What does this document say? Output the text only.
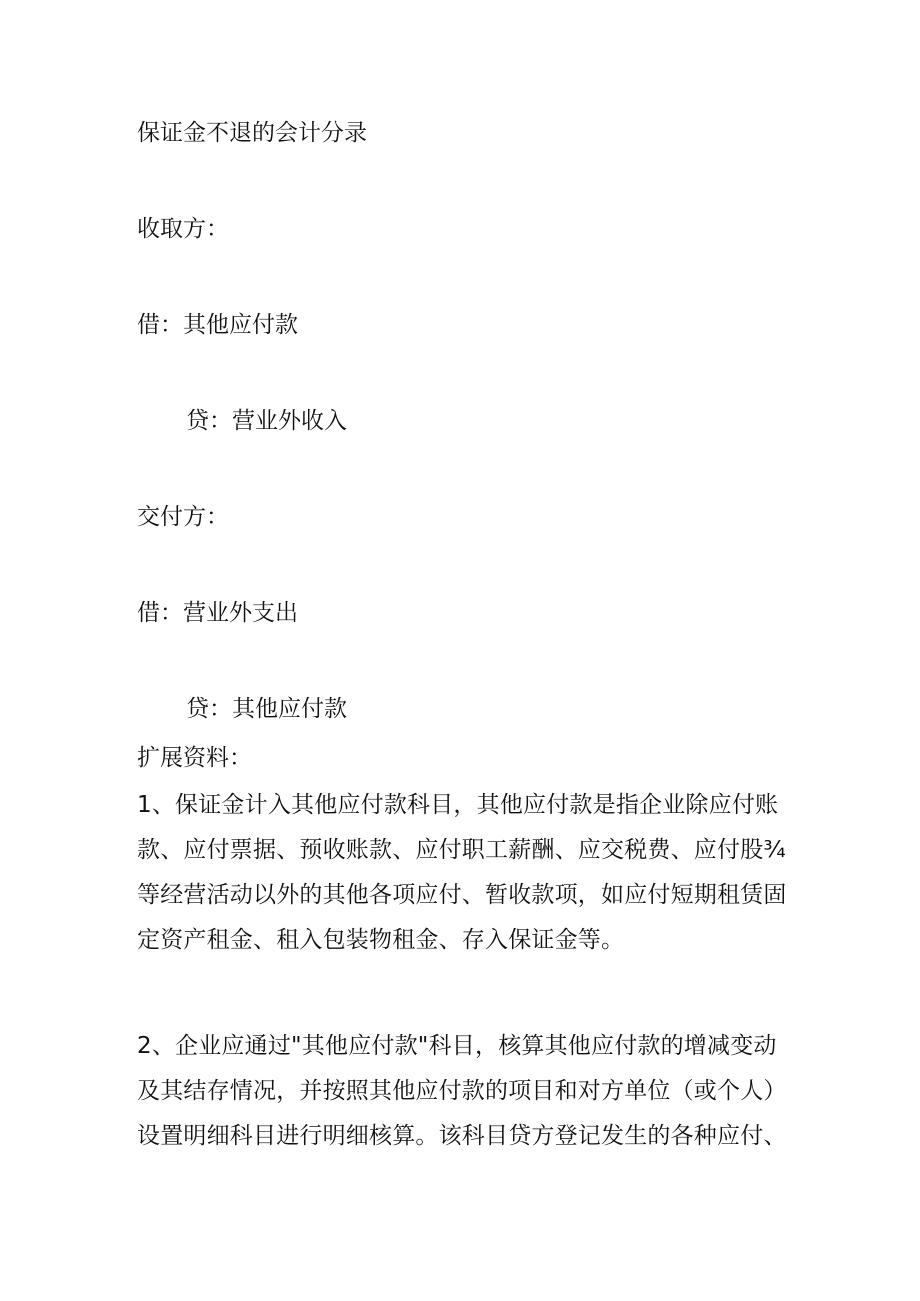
保证金不退的会计分录
收取方：
借：其他应付款
贷：营业外收入
交付方：
借：营业外支出
贷：其他应付款
扩展资料：
1、保证金计入其他应付款科目，其他应付款是指企业除应付账
款、应付票据、预收账款、应付职工薪酬、应交税费、应付股¾
等经营活动以外的其他各项应付、暂收款项，如应付短期租赁固
定资产租金、租入包装物租金、存入保证金等。
2、企业应通过"其他应付款"科目，核算其他应付款的增减变动
及其结存情况，并按照其他应付款的项目和对方单位（或个人）
设置明细科目进行明细核算。该科目贷方登记发生的各种应付、
